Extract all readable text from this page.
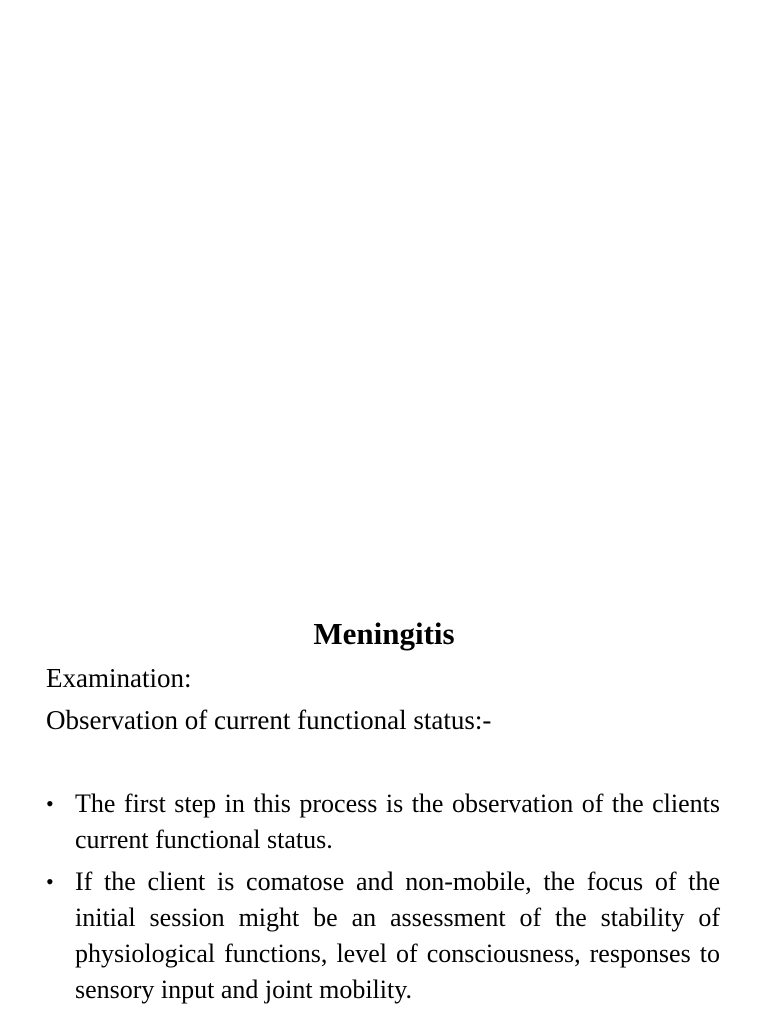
Meningitis

Examination:

Observation of current functional status:-

• The first step in this process is the observation of the clients current functional status.
• If the client is comatose and non-mobile, the focus of the initial session might be an assessment of the stability of physiological functions, level of consciousness, responses to sensory input and joint mobility.
